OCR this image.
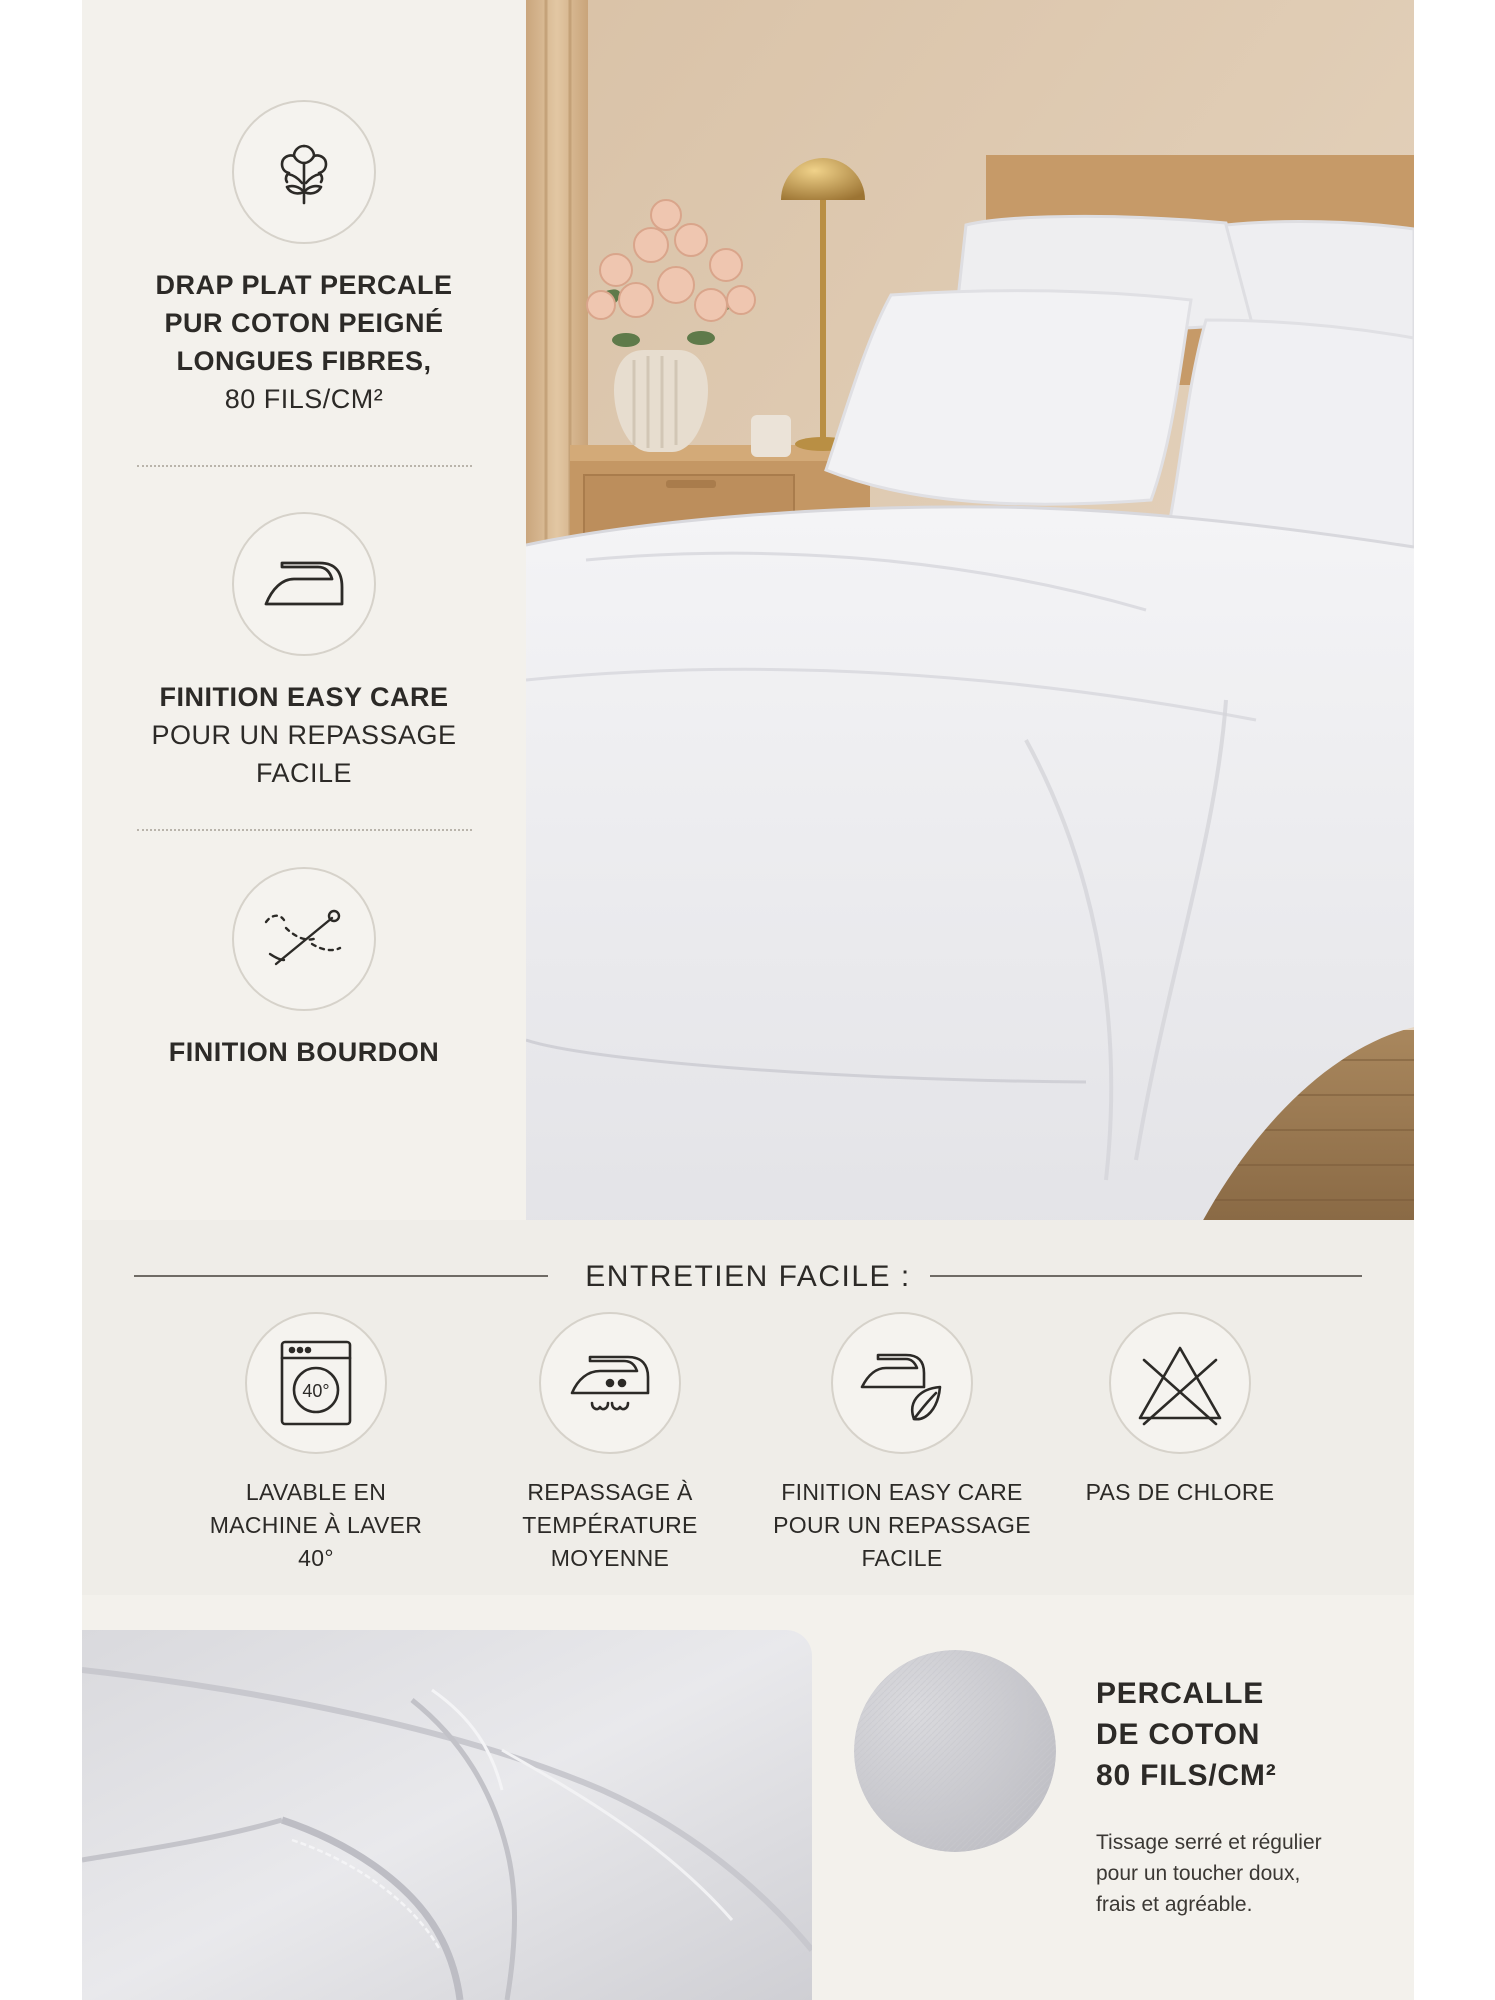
DRAP PLAT PERCALE
PUR COTON PEIGNÉ
LONGUES FIBRES,
80 FILS/CM²
FINITION EASY CARE
POUR UN REPASSAGE
FACILE
FINITION BOURDON
ENTRETIEN FACILE :
40°
LAVABLE EN
MACHINE À LAVER
40°
REPASSAGE À
TEMPÉRATURE
MOYENNE
FINITION EASY CARE
POUR UN REPASSAGE
FACILE
PAS DE CHLORE
PERCALLE
DE COTON
80 FILS/CM²
Tissage serré et régulier
pour un toucher doux,
frais et agréable.
